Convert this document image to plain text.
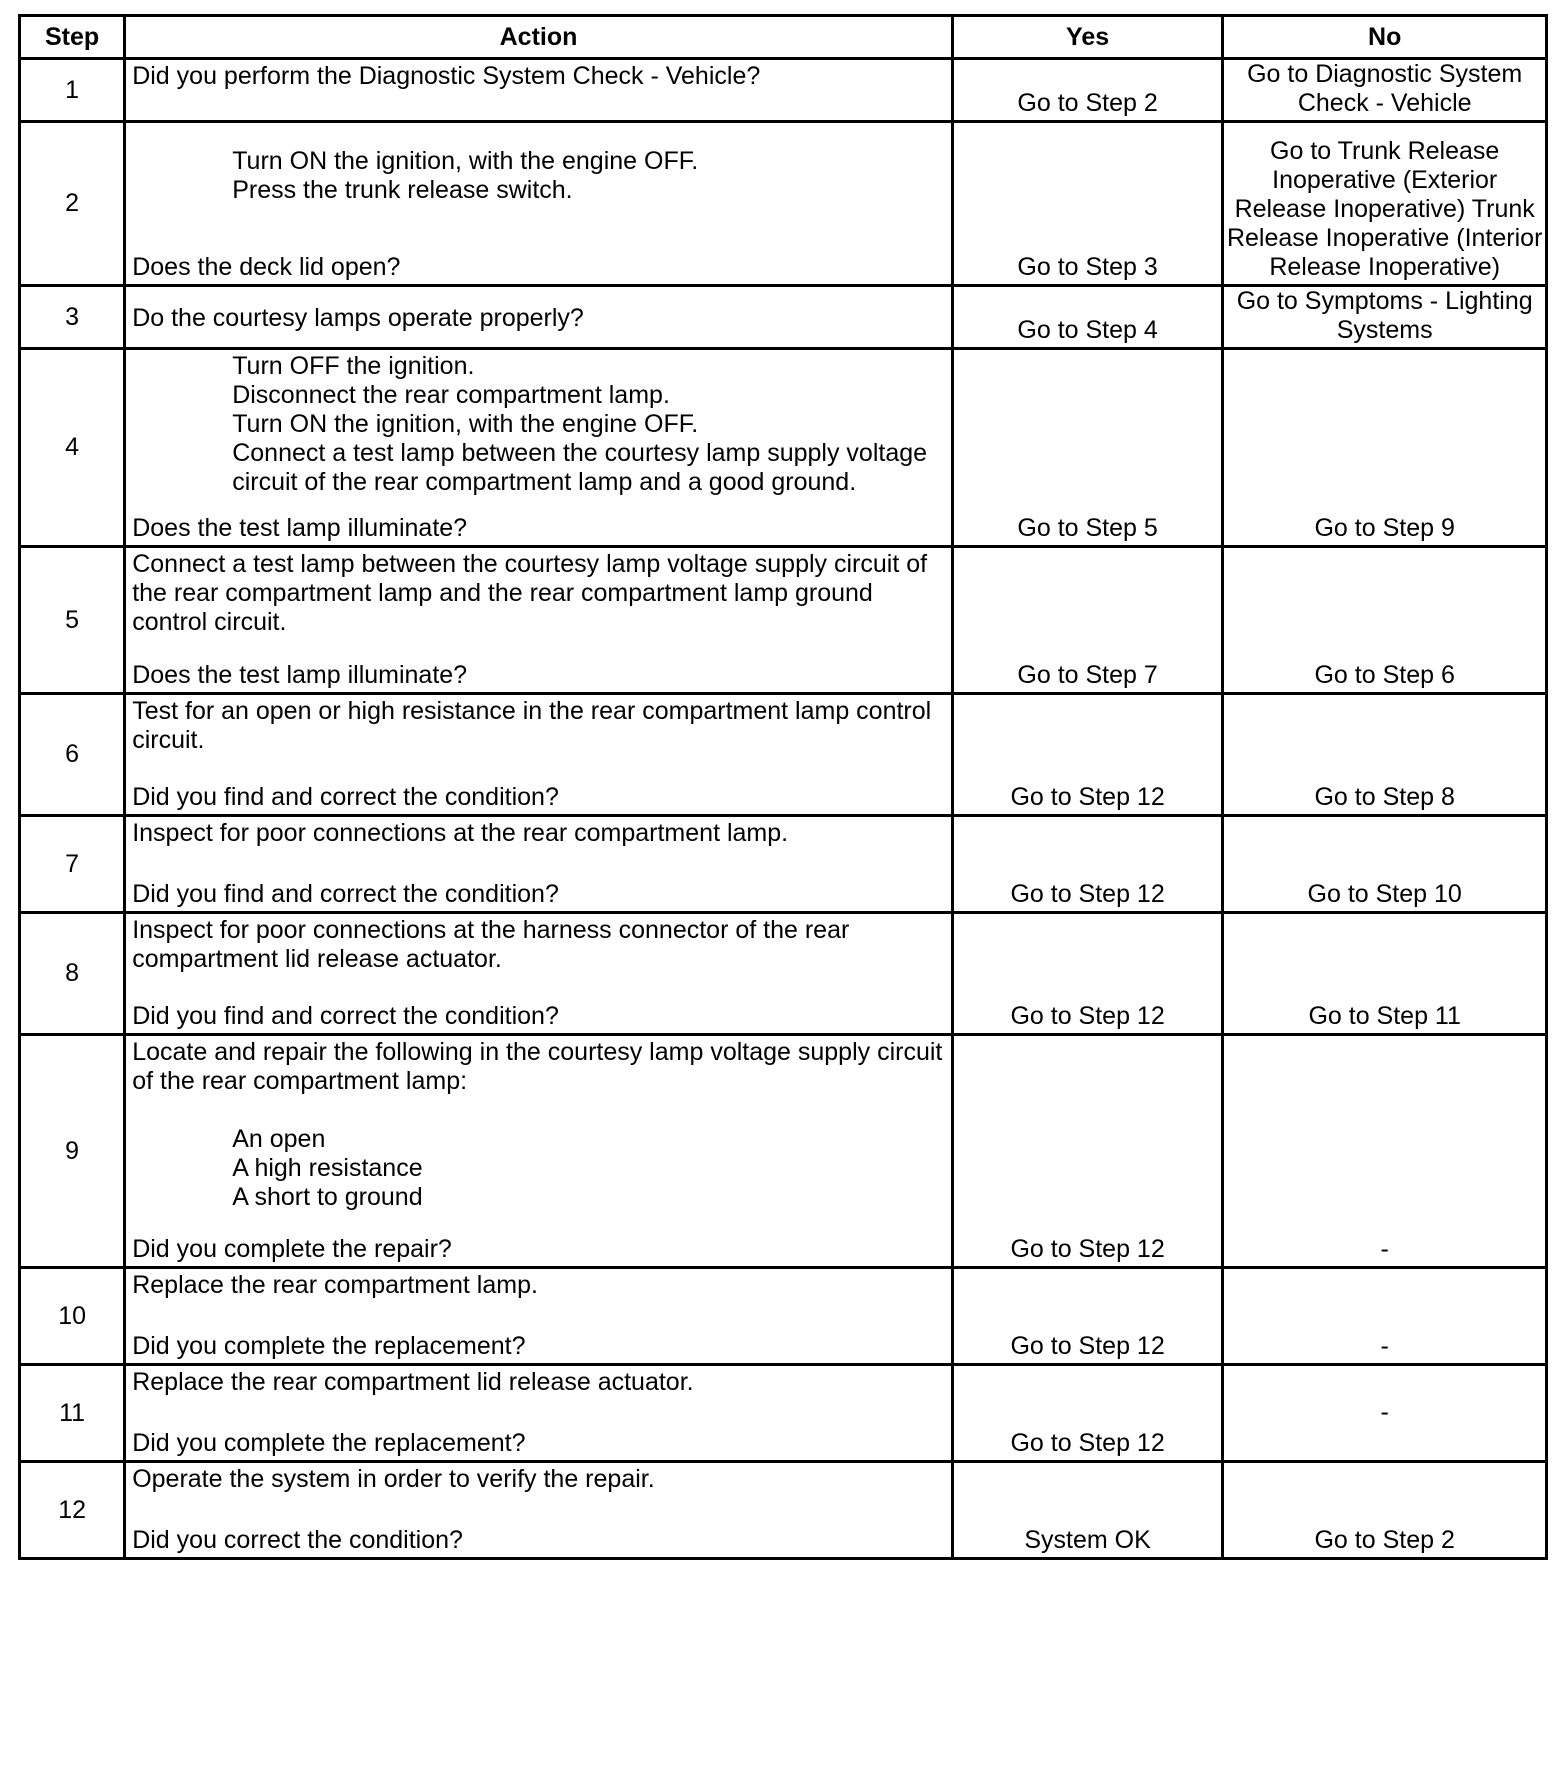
Step	Action	Yes	No
1	Did you perform the Diagnostic System Check - Vehicle?	Go to Step 2	Go to Diagnostic System Check - Vehicle
2	Turn ON the ignition, with the engine OFF.
Press the trunk release switch.
Does the deck lid open?	Go to Step 3	Go to Trunk Release Inoperative (Exterior Release Inoperative) Trunk Release Inoperative (Interior Release Inoperative)
3	Do the courtesy lamps operate properly?	Go to Step 4	Go to Symptoms - Lighting Systems
4	Turn OFF the ignition.
Disconnect the rear compartment lamp.
Turn ON the ignition, with the engine OFF.
Connect a test lamp between the courtesy lamp supply voltage circuit of the rear compartment lamp and a good ground.
Does the test lamp illuminate?	Go to Step 5	Go to Step 9
5	Connect a test lamp between the courtesy lamp voltage supply circuit of the rear compartment lamp and the rear compartment lamp ground control circuit.
Does the test lamp illuminate?	Go to Step 7	Go to Step 6
6	Test for an open or high resistance in the rear compartment lamp control circuit.
Did you find and correct the condition?	Go to Step 12	Go to Step 8
7	Inspect for poor connections at the rear compartment lamp.
Did you find and correct the condition?	Go to Step 12	Go to Step 10
8	Inspect for poor connections at the harness connector of the rear compartment lid release actuator.
Did you find and correct the condition?	Go to Step 12	Go to Step 11
9	Locate and repair the following in the courtesy lamp voltage supply circuit of the rear compartment lamp:
An open
A high resistance
A short to ground
Did you complete the repair?	Go to Step 12	-
10	Replace the rear compartment lamp.
Did you complete the replacement?	Go to Step 12	-
11	Replace the rear compartment lid release actuator.
Did you complete the replacement?	Go to Step 12	-
12	Operate the system in order to verify the repair.
Did you correct the condition?	System OK	Go to Step 2
